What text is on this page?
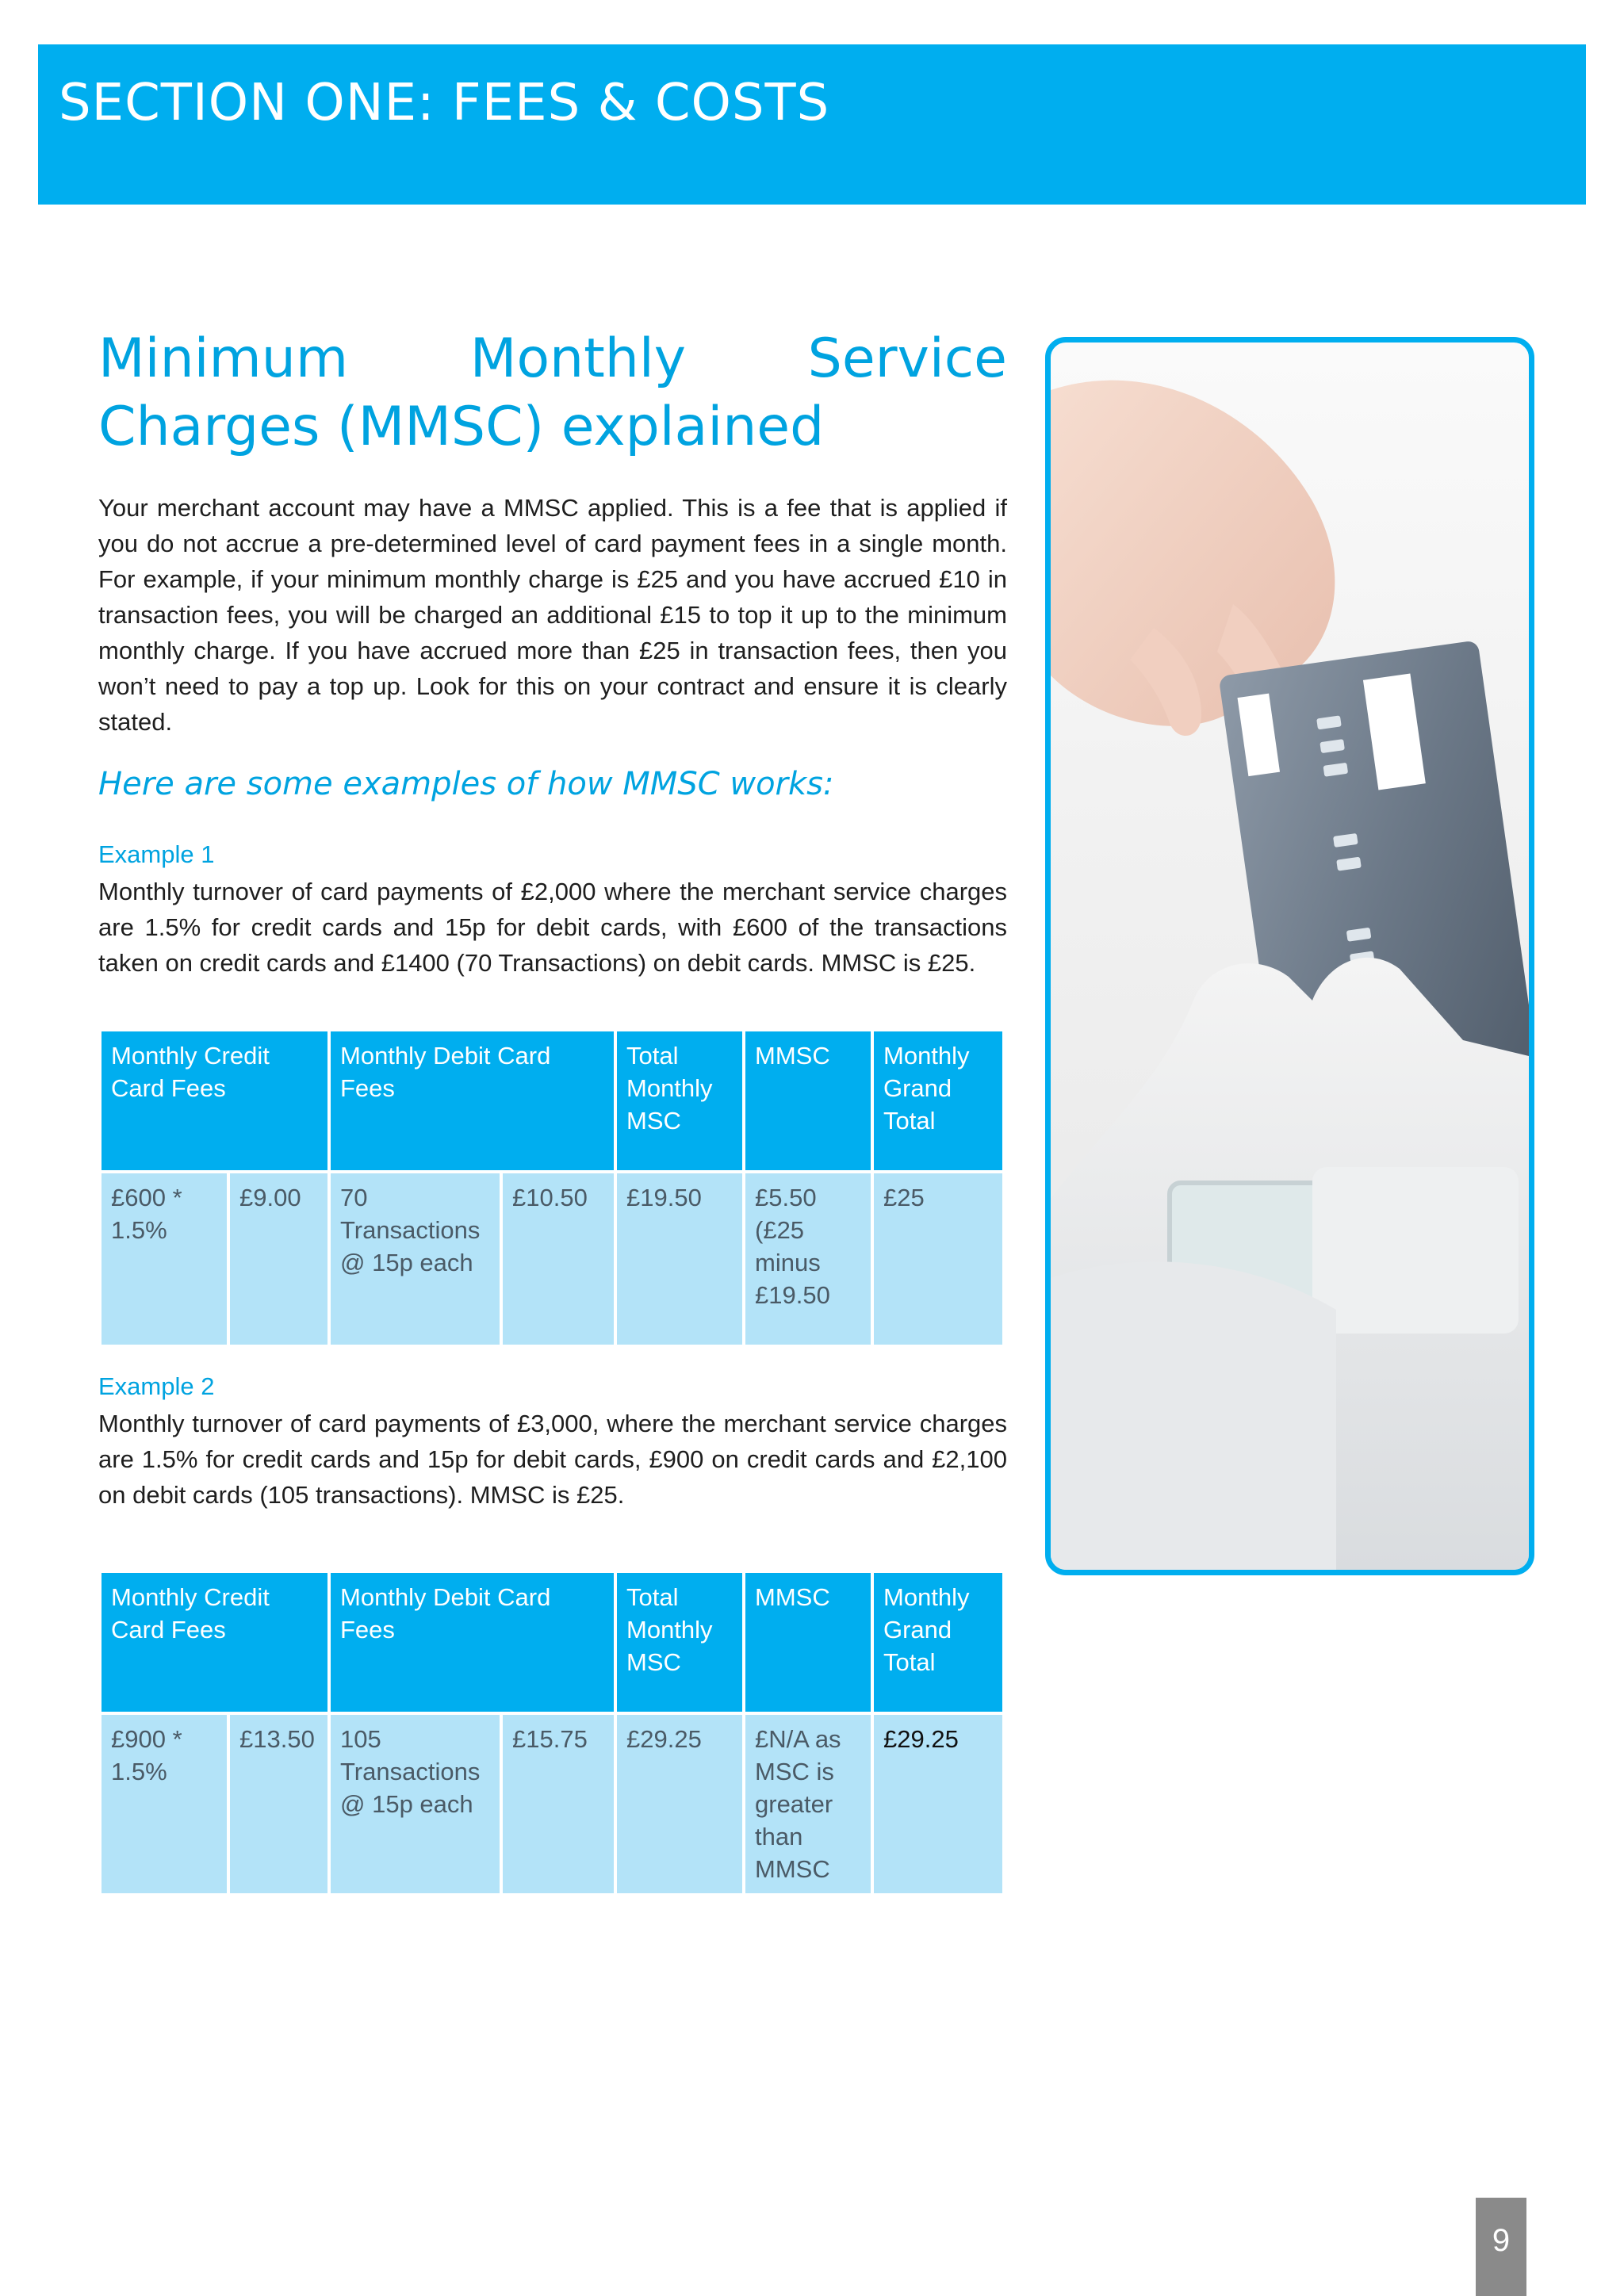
SECTION ONE: FEES & COSTS
Minimum Monthly Service Charges (MMSC) explained

Your merchant account may have a MMSC applied. This is a fee that is applied if you do not accrue a pre-determined level of card payment fees in a single month. For example, if your minimum monthly charge is £25 and you have accrued £10 in transaction fees, you will be charged an additional £15 to top it up to the minimum monthly charge. If you have accrued more than £25 in transaction fees, then you won’t need to pay a top up. Look for this on your contract and ensure it is clearly stated.

Here are some examples of how MMSC works:

Example 1

Monthly turnover of card payments of £2,000 where the merchant service charges are 1.5% for credit cards and 15p for debit cards, with £600 of the transactions taken on credit cards and £1400 (70 Transactions) on debit cards. MMSC is £25.

Monthly Credit Card Fees		Monthly Debit Card Fees		Total Monthly MSC	MMSC	Monthly Grand Total
£600 * 1.5%	£9.00	70 Transactions @ 15p each	£10.50	£19.50	£5.50 (£25 minus £19.50	£25

Example 2

Monthly turnover of card payments of £3,000, where the merchant service charges are 1.5% for credit cards and 15p for debit cards, £900 on credit cards and £2,100 on debit cards (105 transactions). MMSC is £25.

Monthly Credit Card Fees		Monthly Debit Card Fees		Total Monthly MSC	MMSC	Monthly Grand Total
£900 * 1.5%	£13.50	105 Transactions @ 15p each	£15.75	£29.25	£N/A as MSC is greater than MMSC	£29.25
9
